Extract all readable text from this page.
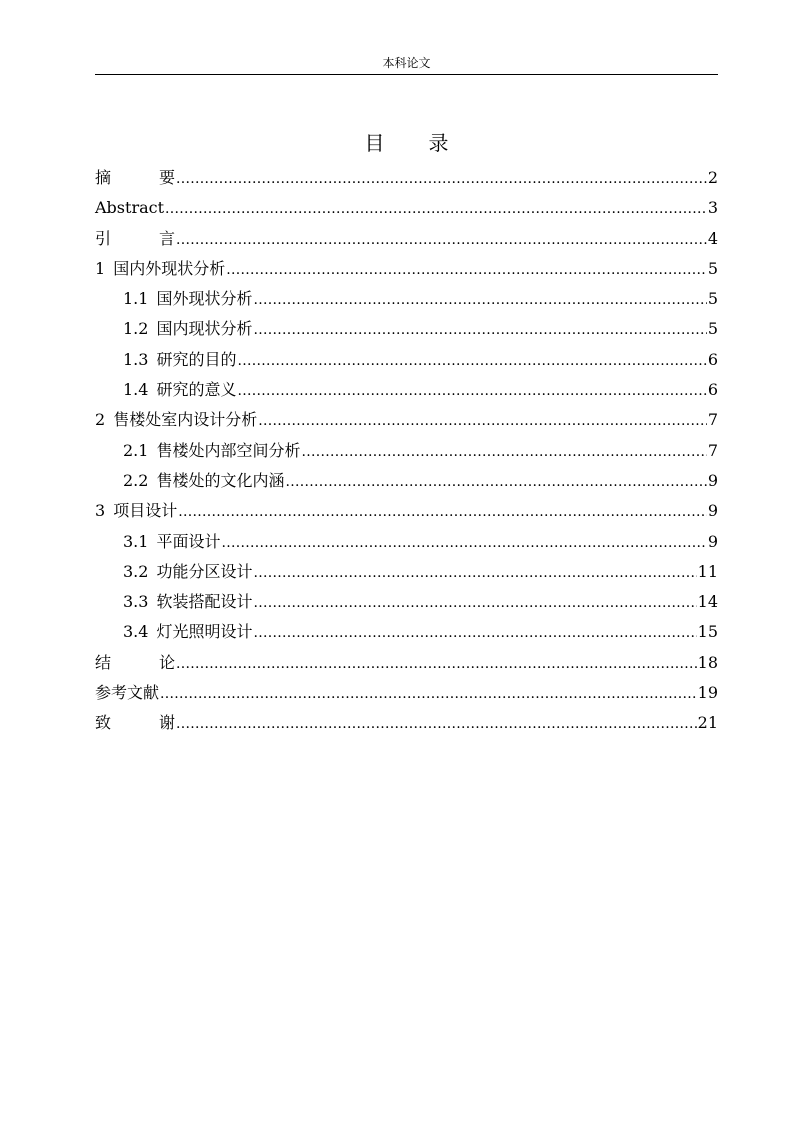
本科论文
目 录
摘	要 .....	2
Abstract .....	3
引	言 .....	4
1 国内外现状分析 .....	5
1.1 国外现状分析 .....	5
1.2 国内现状分析 .....	5
1.3 研究的目的 .....	6
1.4 研究的意义 .....	6
2 售楼处室内设计分析 .....	7
2.1 售楼处内部空间分析 .....	7
2.2 售楼处的文化内涵 .....	9
3 项目设计 .....	9
3.1 平面设计 .....	9
3.2 功能分区设计 .....	11
3.3 软装搭配设计 .....	14
3.4 灯光照明设计 .....	15
结	论 .....	18
参考文献 .....	19
致	谢 .....	21
